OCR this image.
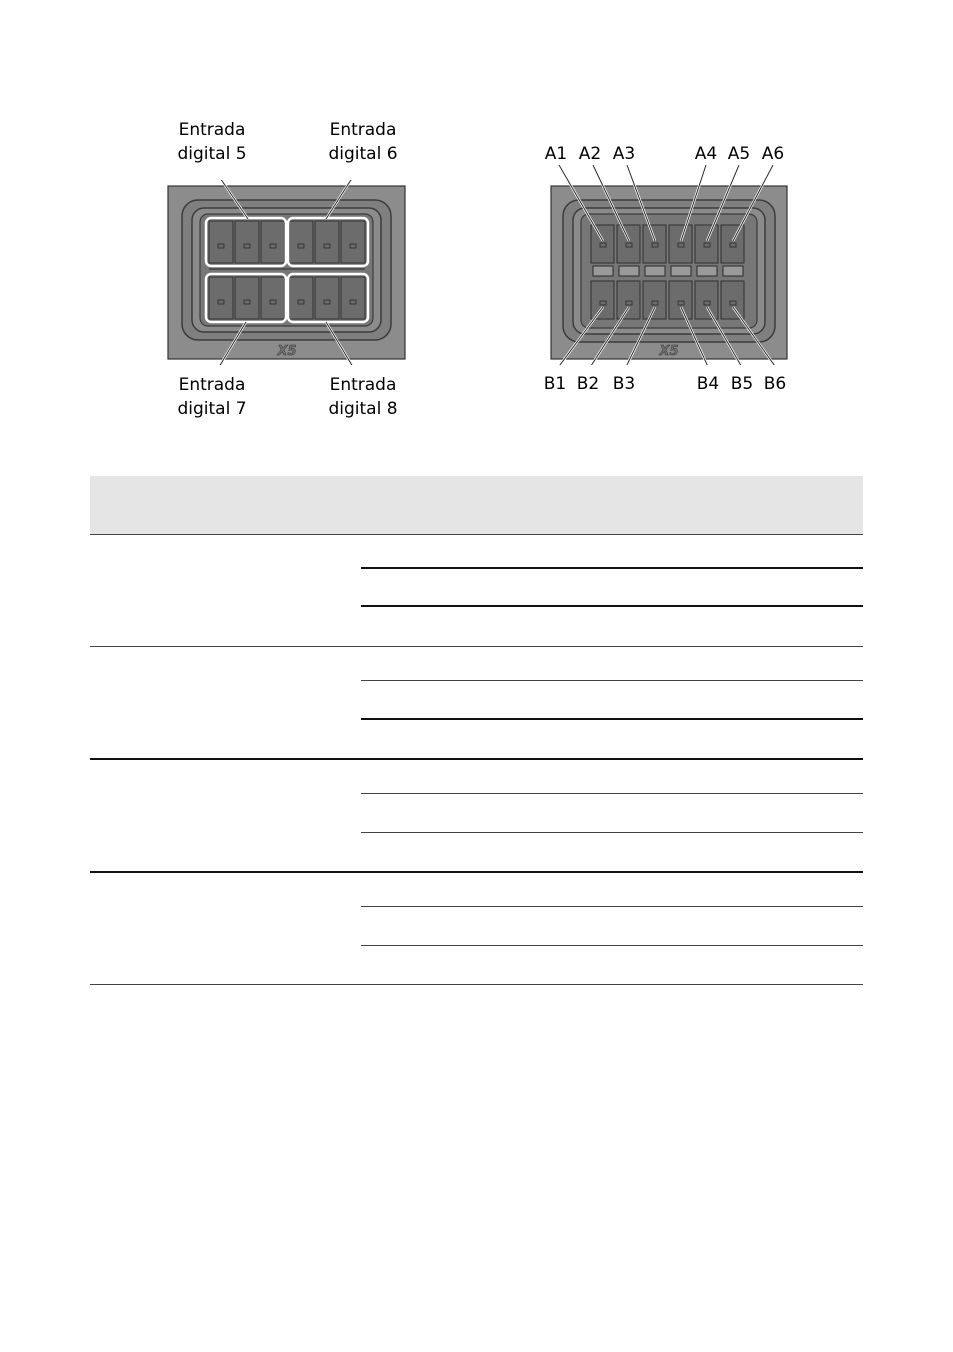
Entrada
digital 5
Entrada
digital 6
Entrada
digital 7
Entrada
digital 8
X5
A1 A2 A3	A4 A5 A6
B1 B2 B3	B4 B5 B6
X5
